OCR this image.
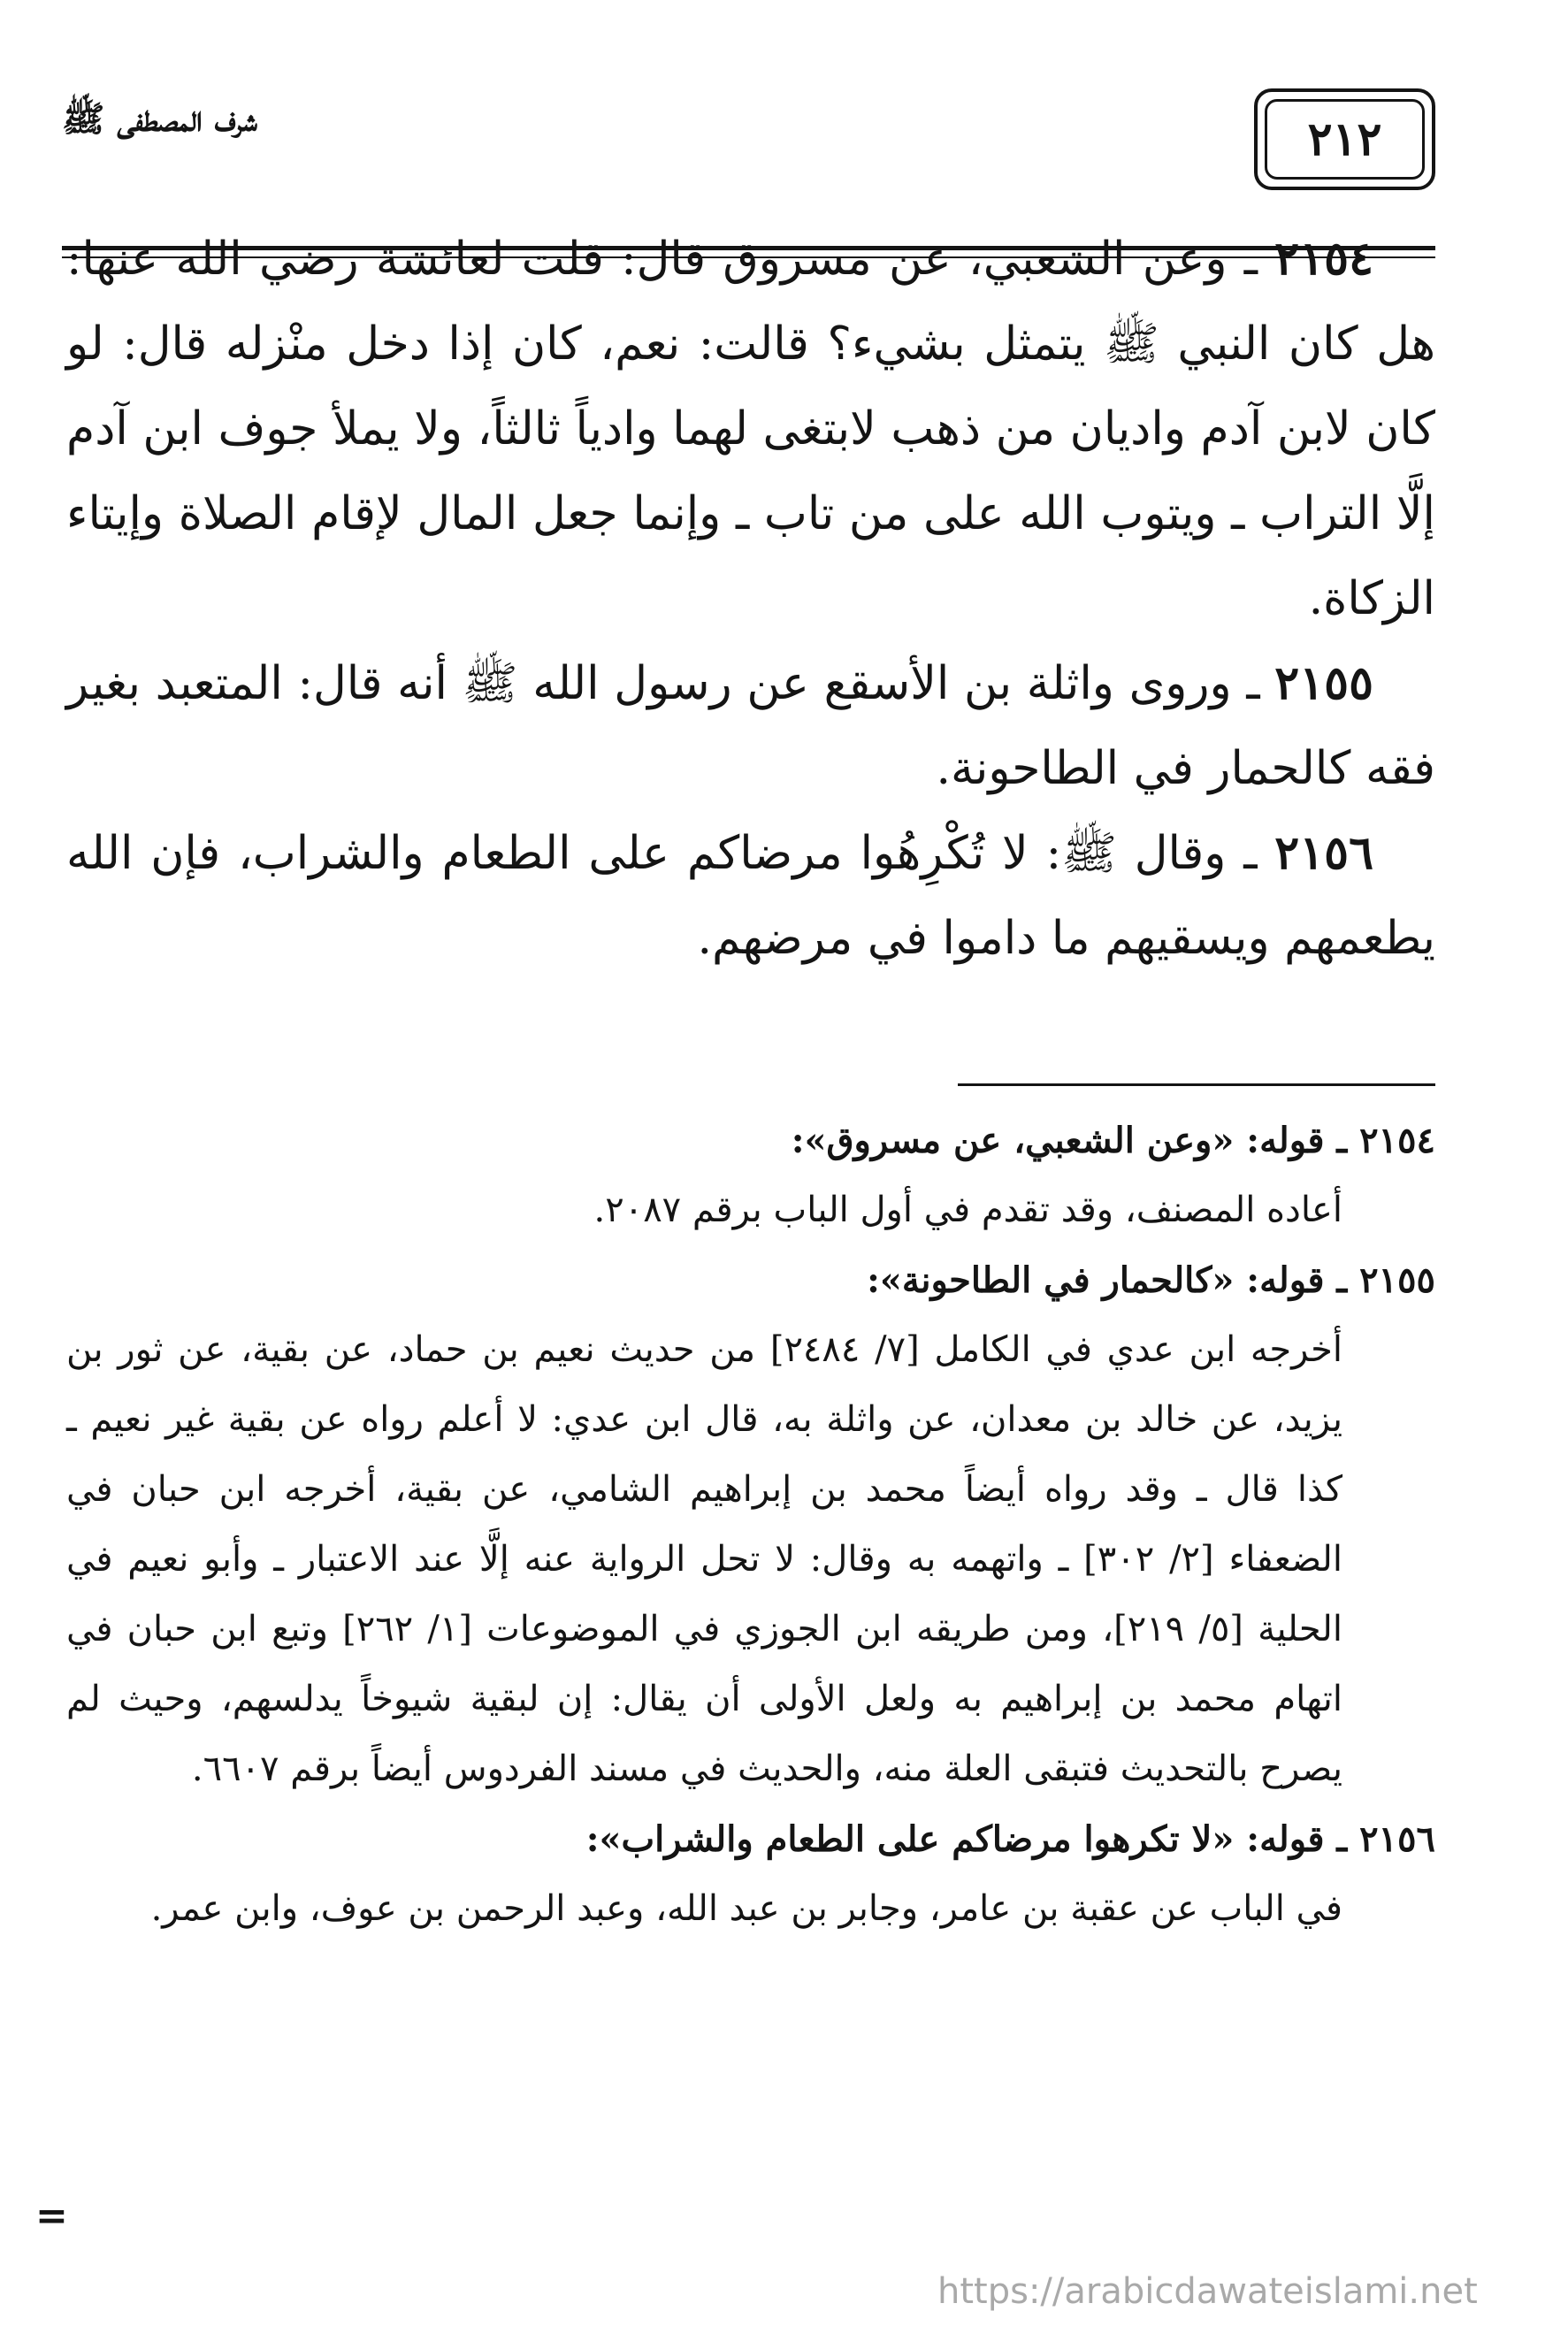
شرف المصطفى ﷺ	٢١٢

٢١٥٤ ـ وعن الشعبي، عن مسروق قال: قلت لعائشة رضي الله عنها: هل كان النبي ﷺ يتمثل بشيء؟ قالت: نعم، كان إذا دخل منْزله قال: لو كان لابن آدم واديان من ذهب لابتغى لهما وادياً ثالثاً، ولا يملأ جوف ابن آدم إلَّا التراب ـ ويتوب الله على من تاب ـ وإنما جعل المال لإقام الصلاة وإيتاء الزكاة.

٢١٥٥ ـ وروى واثلة بن الأسقع عن رسول الله ﷺ أنه قال: المتعبد بغير فقه كالحمار في الطاحونة.

٢١٥٦ ـ وقال ﷺ: لا تُكْرِهُوا مرضاكم على الطعام والشراب، فإن الله يطعمهم ويسقيهم ما داموا في مرضهم.

٢١٥٤ ـ قوله: «وعن الشعبي، عن مسروق»:

أعاده المصنف، وقد تقدم في أول الباب برقم ٢٠٨٧.

٢١٥٥ ـ قوله: «كالحمار في الطاحونة»:

أخرجه ابن عدي في الكامل [٧/ ٢٤٨٤] من حديث نعيم بن حماد، عن بقية، عن ثور بن يزيد، عن خالد بن معدان، عن واثلة به، قال ابن عدي: لا أعلم رواه عن بقية غير نعيم ـ كذا قال ـ وقد رواه أيضاً محمد بن إبراهيم الشامي، عن بقية، أخرجه ابن حبان في الضعفاء [٢/ ٣٠٢] ـ واتهمه به وقال: لا تحل الرواية عنه إلَّا عند الاعتبار ـ وأبو نعيم في الحلية [٥/ ٢١٩]، ومن طريقه ابن الجوزي في الموضوعات [١/ ٢٦٢] وتبع ابن حبان في اتهام محمد بن إبراهيم به ولعل الأولى أن يقال: إن لبقية شيوخاً يدلسهم، وحيث لم يصرح بالتحديث فتبقى العلة منه، والحديث في مسند الفردوس أيضاً برقم ٦٦٠٧.

٢١٥٦ ـ قوله: «لا تكرهوا مرضاكم على الطعام والشراب»:

في الباب عن عقبة بن عامر، وجابر بن عبد الله، وعبد الرحمن بن عوف، وابن عمر.

=
https://arabicdawateislami.net
